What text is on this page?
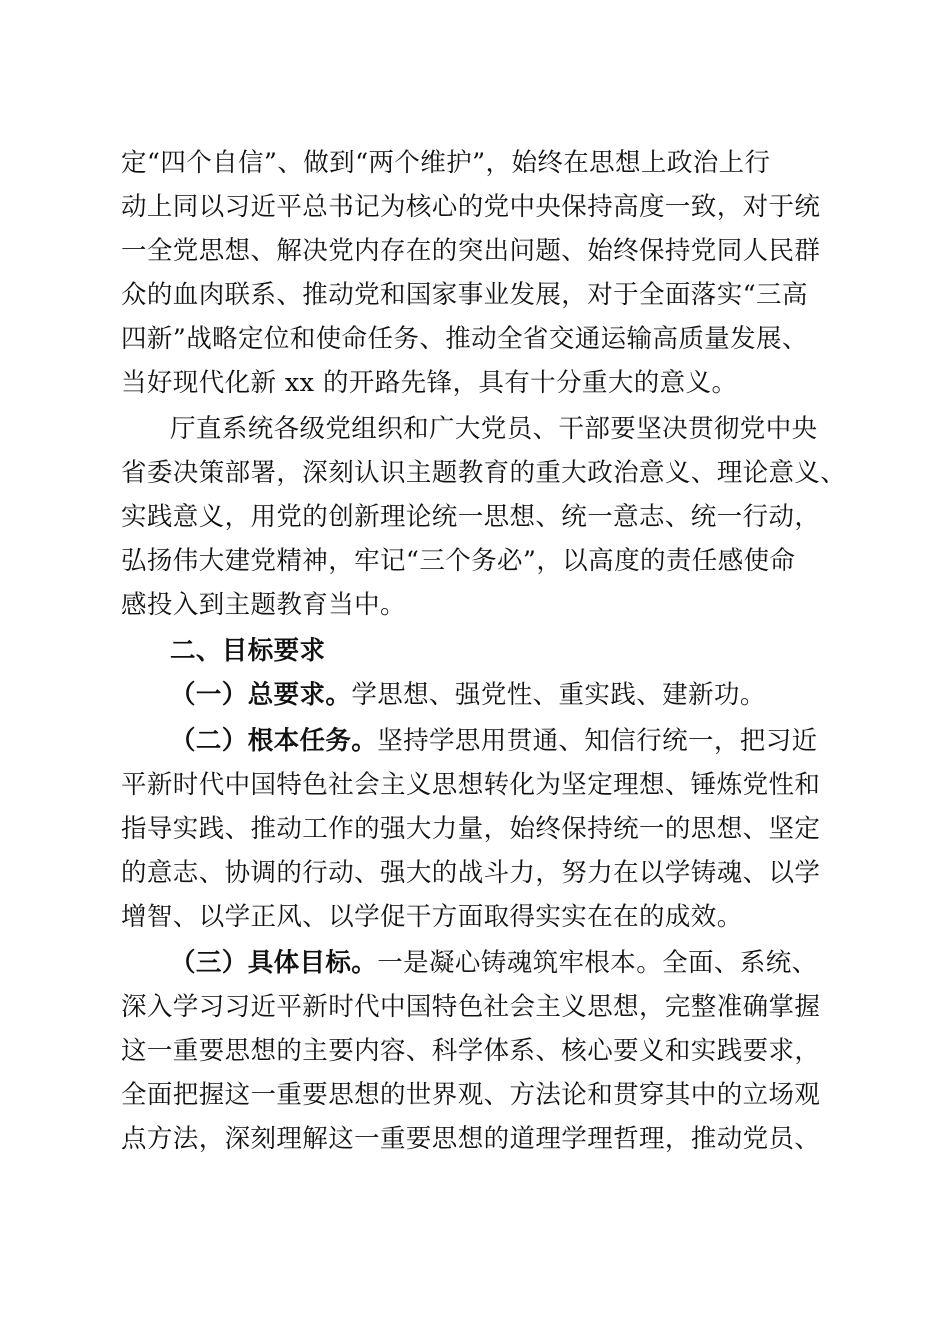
定“四个自信”、做到“两个维护”，始终在思想上政治上行
动上同以习近平总书记为核心的党中央保持高度一致，对于统
一全党思想、解决党内存在的突出问题、始终保持党同人民群
众的血肉联系、推动党和国家事业发展，对于全面落实“三高
四新”战略定位和使命任务、推动全省交通运输高质量发展、
当好现代化新 xx 的开路先锋，具有十分重大的意义。
厅直系统各级党组织和广大党员、干部要坚决贯彻党中央
省委决策部署，深刻认识主题教育的重大政治意义、理论意义、
实践意义，用党的创新理论统一思想、统一意志、统一行动，
弘扬伟大建党精神，牢记“三个务必”，以高度的责任感使命
感投入到主题教育当中。
二、目标要求
（一）总要求。学思想、强党性、重实践、建新功。
（二）根本任务。坚持学思用贯通、知信行统一，把习近
平新时代中国特色社会主义思想转化为坚定理想、锤炼党性和
指导实践、推动工作的强大力量，始终保持统一的思想、坚定
的意志、协调的行动、强大的战斗力，努力在以学铸魂、以学
增智、以学正风、以学促干方面取得实实在在的成效。
（三）具体目标。一是凝心铸魂筑牢根本。全面、系统、
深入学习习近平新时代中国特色社会主义思想，完整准确掌握
这一重要思想的主要内容、科学体系、核心要义和实践要求，
全面把握这一重要思想的世界观、方法论和贯穿其中的立场观
点方法，深刻理解这一重要思想的道理学理哲理，推动党员、
